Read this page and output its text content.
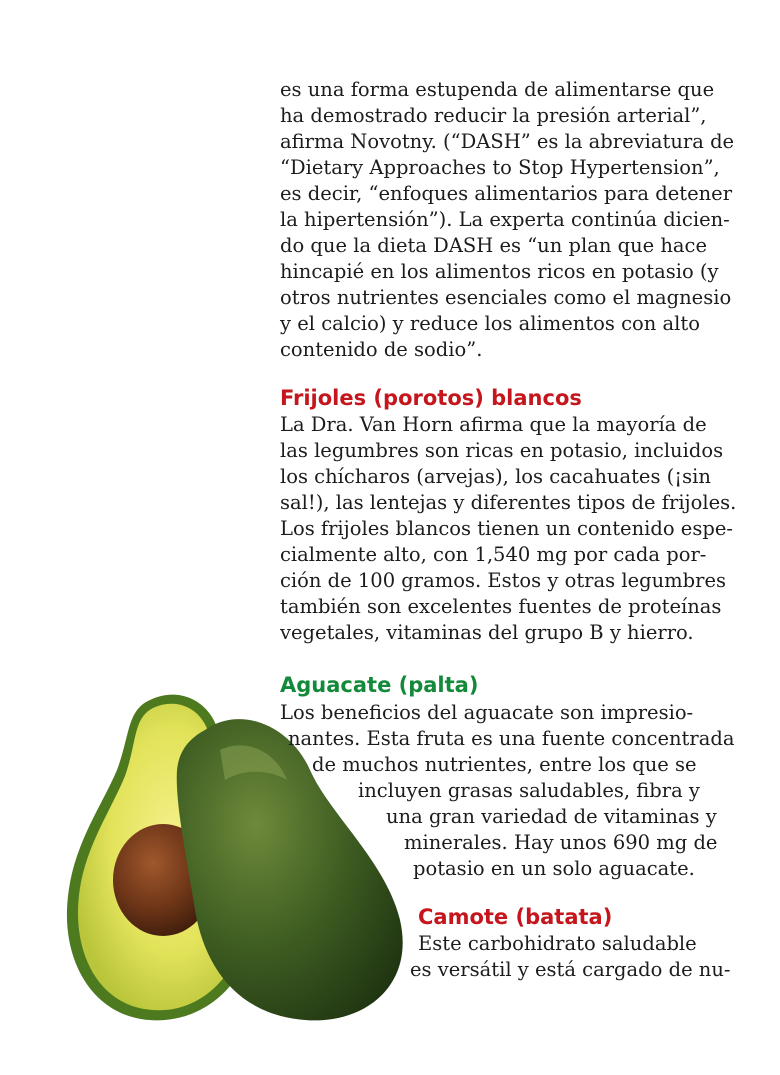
es una forma estupenda de alimentarse que
ha demostrado reducir la presión arterial”,
afirma Novotny. (“DASH” es la abreviatura de
“Dietary Approaches to Stop Hypertension”,
es decir, “enfoques alimentarios para detener
la hipertensión”). La experta continúa dicien-
do que la dieta DASH es “un plan que hace
hincapié en los alimentos ricos en potasio (y
otros nutrientes esenciales como el magnesio
y el calcio) y reduce los alimentos con alto
contenido de sodio”.
Frijoles (porotos) blancos
La Dra. Van Horn afirma que la mayoría de
las legumbres son ricas en potasio, incluidos
los chícharos (arvejas), los cacahuates (¡sin
sal!), las lentejas y diferentes tipos de frijoles.
Los frijoles blancos tienen un contenido espe-
cialmente alto, con 1,540 mg por cada por-
ción de 100 gramos. Estos y otras legumbres
también son excelentes fuentes de proteínas
vegetales, vitaminas del grupo B y hierro.
Aguacate (palta)
Los beneficios del aguacate son impresio-
nantes. Esta fruta es una fuente concentrada
de muchos nutrientes, entre los que se
incluyen grasas saludables, fibra y
una gran variedad de vitaminas y
minerales. Hay unos 690 mg de
potasio en un solo aguacate.
Camote (batata)
Este carbohidrato saludable
es versátil y está cargado de nu-
